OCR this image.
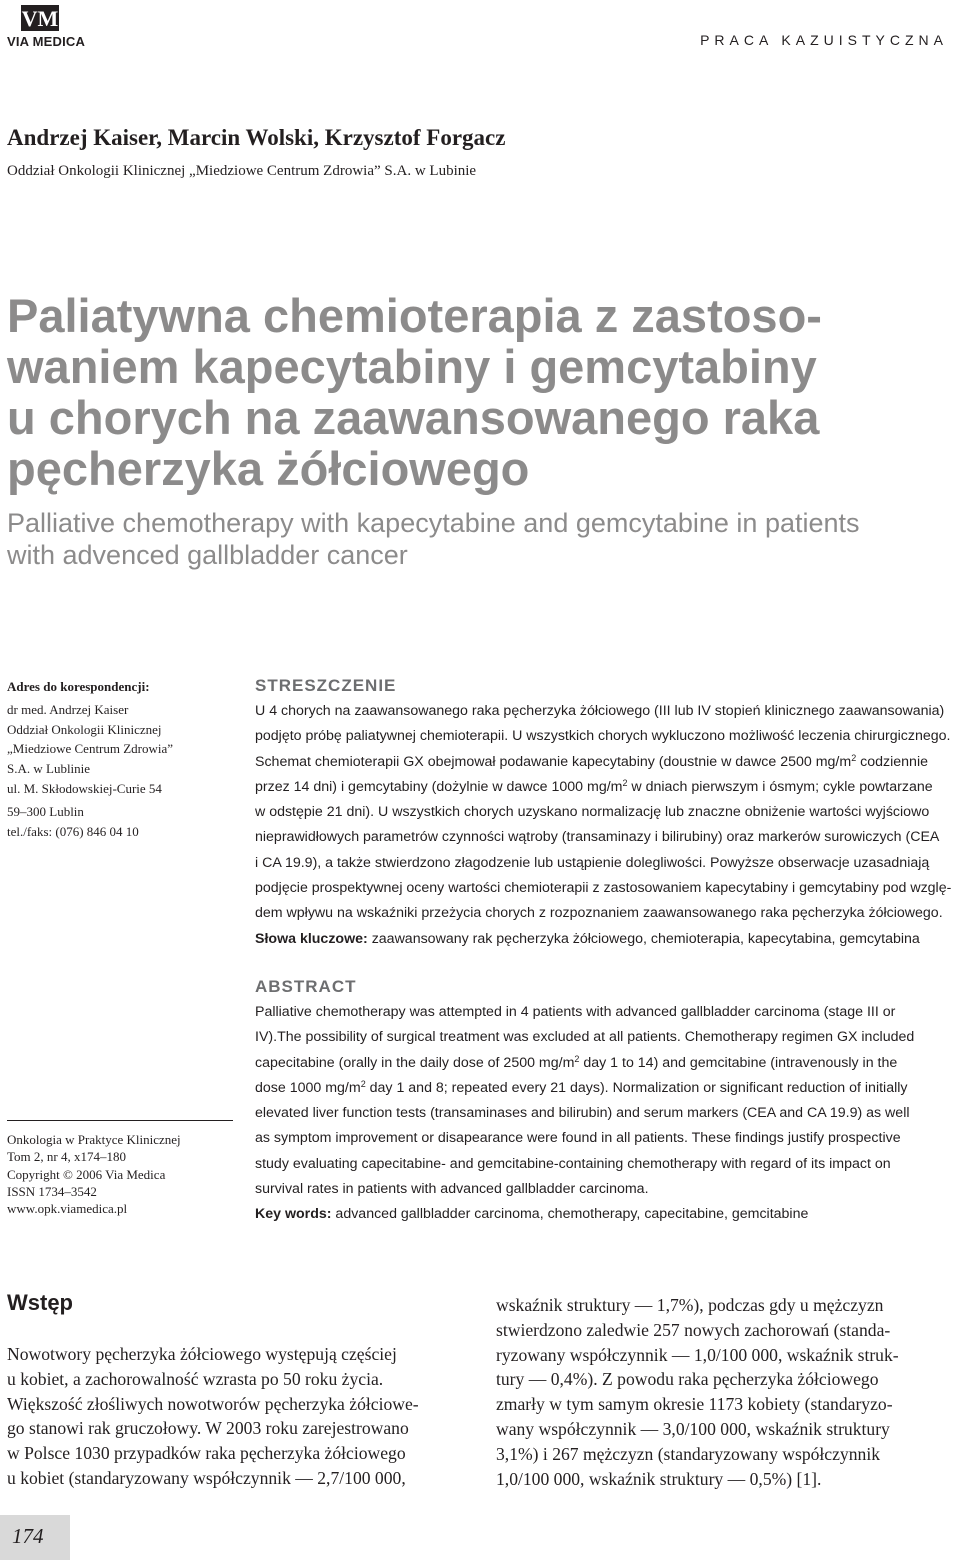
VM
VIA MEDICA	PRACA KAZUISTYCZNA
Andrzej Kaiser, Marcin Wolski, Krzysztof Forgacz
Oddział Onkologii Klinicznej „Miedziowe Centrum Zdrowia” S.A. w Lubinie
Paliatywna chemioterapia z zastoso-
waniem kapecytabiny i gemcytabiny
u chorych na zaawansowanego raka
pęcherzyka żółciowego
Palliative chemotherapy with kapecytabine and gemcytabine in patients
with advenced gallbladder cancer
Adres do korespondencji:
dr med. Andrzej Kaiser
Oddział Onkologii Klinicznej
„Miedziowe Centrum Zdrowia”
S.A. w Lublinie
ul. M. Skłodowskiej-Curie 54
59–300 Lublin
tel./faks: (076) 846 04 10
STRESZCZENIE
U 4 chorych na zaawansowanego raka pęcherzyka żółciowego (III lub IV stopień klinicznego zaawansowania)
podjęto próbę paliatywnej chemioterapii. U wszystkich chorych wykluczono możliwość leczenia chirurgicznego.
Schemat chemioterapii GX obejmował podawanie kapecytabiny (doustnie w dawce 2500 $mg/m^2$ codziennie
przez 14 dni) i gemcytabiny (dożylnie w dawce 1000 $mg/m^2$ w dniach pierwszym i ósmym; cykle powtarzane
w odstępie 21 dni). U wszystkich chorych uzyskano normalizację lub znaczne obniżenie wartości wyjściowo
nieprawidłowych parametrów czynności wątroby (transaminazy i bilirubiny) oraz markerów surowiczych (CEA
i CA 19.9), a także stwierdzono złagodzenie lub ustąpienie dolegliwości. Powyższe obserwacje uzasadniają
podjęcie prospektywnej oceny wartości chemioterapii z zastosowaniem kapecytabiny i gemcytabiny pod wzglę-
dem wpływu na wskaźniki przeżycia chorych z rozpoznaniem zaawansowanego raka pęcherzyka żółciowego.
Słowa kluczowe: zaawansowany rak pęcherzyka żółciowego, chemioterapia, kapecytabina, gemcytabina
ABSTRACT
Palliative chemotherapy was attempted in 4 patients with advanced gallbladder carcinoma (stage III or
IV).The possibility of surgical treatment was excluded at all patients. Chemotherapy regimen GX included
capecitabine (orally in the daily dose of 2500 $mg/m^2$ day 1 to 14) and gemcitabine (intravenously in the
dose 1000 $mg/m^2$ day 1 and 8; repeated every 21 days). Normalization or significant reduction of initially
elevated liver function tests (transaminases and bilirubin) and serum markers (CEA and CA 19.9) as well
as symptom improvement or disapearance were found in all patients. These findings justify prospective
study evaluating capecitabine- and gemcitabine-containing chemotherapy with regard of its impact on
survival rates in patients with advanced gallbladder carcinoma.
Key words: advanced gallbladder carcinoma, chemotherapy, capecitabine, gemcitabine
Onkologia w Praktyce Klinicznej
Tom 2, nr 4, x174–180
Copyright © 2006 Via Medica
ISSN 1734–3542
www.opk.viamedica.pl
Wstęp
Nowotwory pęcherzyka żółciowego występują częściej
u kobiet, a zachorowalność wzrasta po 50 roku życia.
Większość złośliwych nowotworów pęcherzyka żółciowe-
go stanowi rak gruczołowy. W 2003 roku zarejestrowano
w Polsce 1030 przypadków raka pęcherzyka żółciowego
u kobiet (standaryzowany współczynnik — 2,7/100 000,
wskaźnik struktury — 1,7%), podczas gdy u mężczyzn
stwierdzono zaledwie 257 nowych zachorowań (standa-
ryzowany współczynnik — 1,0/100 000, wskaźnik struk-
tury — 0,4%). Z powodu raka pęcherzyka żółciowego
zmarły w tym samym okresie 1173 kobiety (standaryzo-
wany współczynnik — 3,0/100 000, wskaźnik struktury
3,1%) i 267 mężczyzn (standaryzowany współczynnik
1,0/100 000, wskaźnik struktury — 0,5%) [1].
174
